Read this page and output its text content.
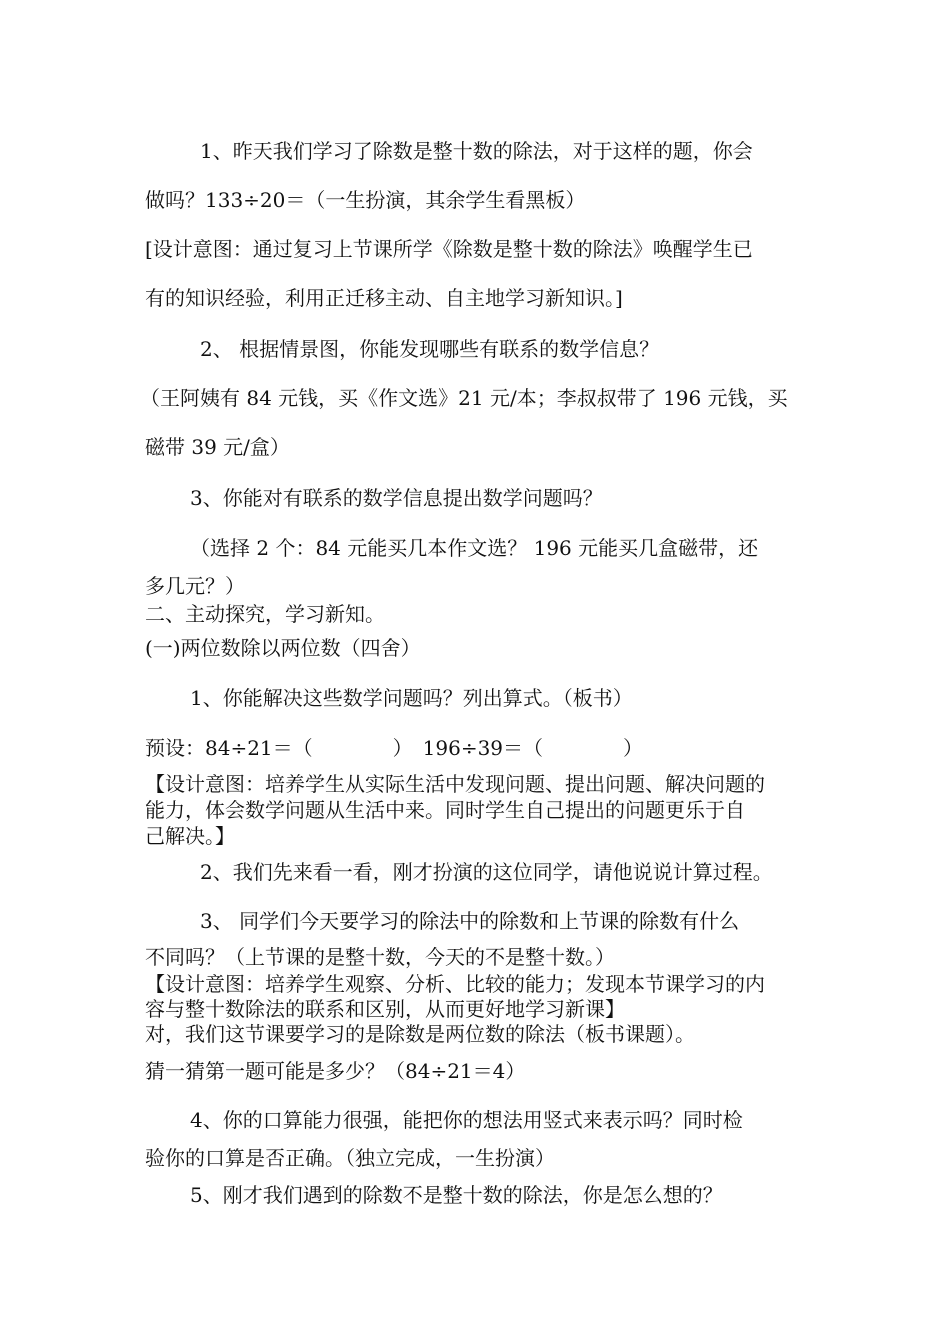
1、昨天我们学习了除数是整十数的除法，对于这样的题，你会
做吗？133÷20＝（一生扮演，其余学生看黑板）
[设计意图：通过复习上节课所学《除数是整十数的除法》唤醒学生已
有的知识经验，利用正迁移主动、自主地学习新知识。]
2、 根据情景图，你能发现哪些有联系的数学信息？
（王阿姨有 84 元钱，买《作文选》21 元/本；李叔叔带了 196 元钱，买
磁带 39 元/盒）
3、你能对有联系的数学信息提出数学问题吗？
（选择 2 个：84 元能买几本作文选？ 196 元能买几盒磁带，还
多几元？）
二、主动探究，学习新知。
(一)两位数除以两位数（四舍）
1、你能解决这些数学问题吗？列出算式。（板书）
预设：84÷21＝（　　　　）　196÷39＝（　　　　）
【设计意图：培养学生从实际生活中发现问题、提出问题、解决问题的
能力，体会数学问题从生活中来。同时学生自己提出的问题更乐于自
己解决。】
2、我们先来看一看，刚才扮演的这位同学，请他说说计算过程。
3、 同学们今天要学习的除法中的除数和上节课的除数有什么
不同吗？（上节课的是整十数，今天的不是整十数。）
【设计意图：培养学生观察、分析、比较的能力；发现本节课学习的内
容与整十数除法的联系和区别，从而更好地学习新课】
对，我们这节课要学习的是除数是两位数的除法（板书课题）。
猜一猜第一题可能是多少？（84÷21＝4）
4、你的口算能力很强，能把你的想法用竖式来表示吗？同时检
验你的口算是否正确。（独立完成，一生扮演）
5、刚才我们遇到的除数不是整十数的除法，你是怎么想的？
